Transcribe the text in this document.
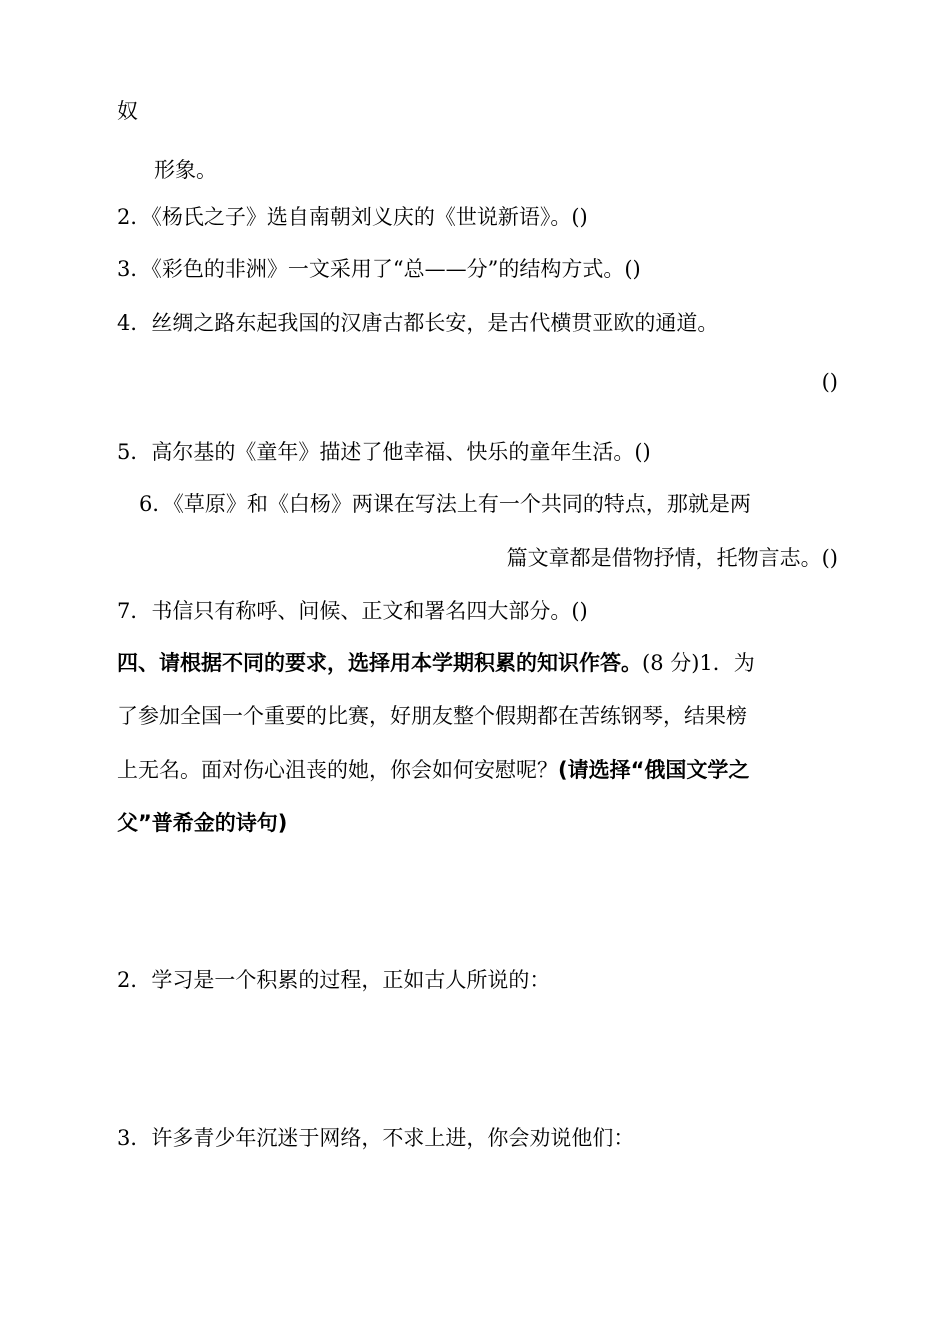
奴
形象。
2．《杨氏之子》选自南朝刘义庆的《世说新语》。()
3．《彩色的非洲》一文采用了“总——分”的结构方式。()
4．丝绸之路东起我国的汉唐古都长安，是古代横贯亚欧的通道。
()
5．高尔基的《童年》描述了他幸福、快乐的童年生活。()
6．《草原》和《白杨》两课在写法上有一个共同的特点，那就是两
篇文章都是借物抒情，托物言志。()
7．书信只有称呼、问候、正文和署名四大部分。()
四、请根据不同的要求，选择用本学期积累的知识作答。(8 分)1．为
了参加全国一个重要的比赛，好朋友整个假期都在苦练钢琴，结果榜
上无名。面对伤心沮丧的她，你会如何安慰呢？(请选择“俄国文学之
父”普希金的诗句)
2．学习是一个积累的过程，正如古人所说的：
3．许多青少年沉迷于网络，不求上进，你会劝说他们：
